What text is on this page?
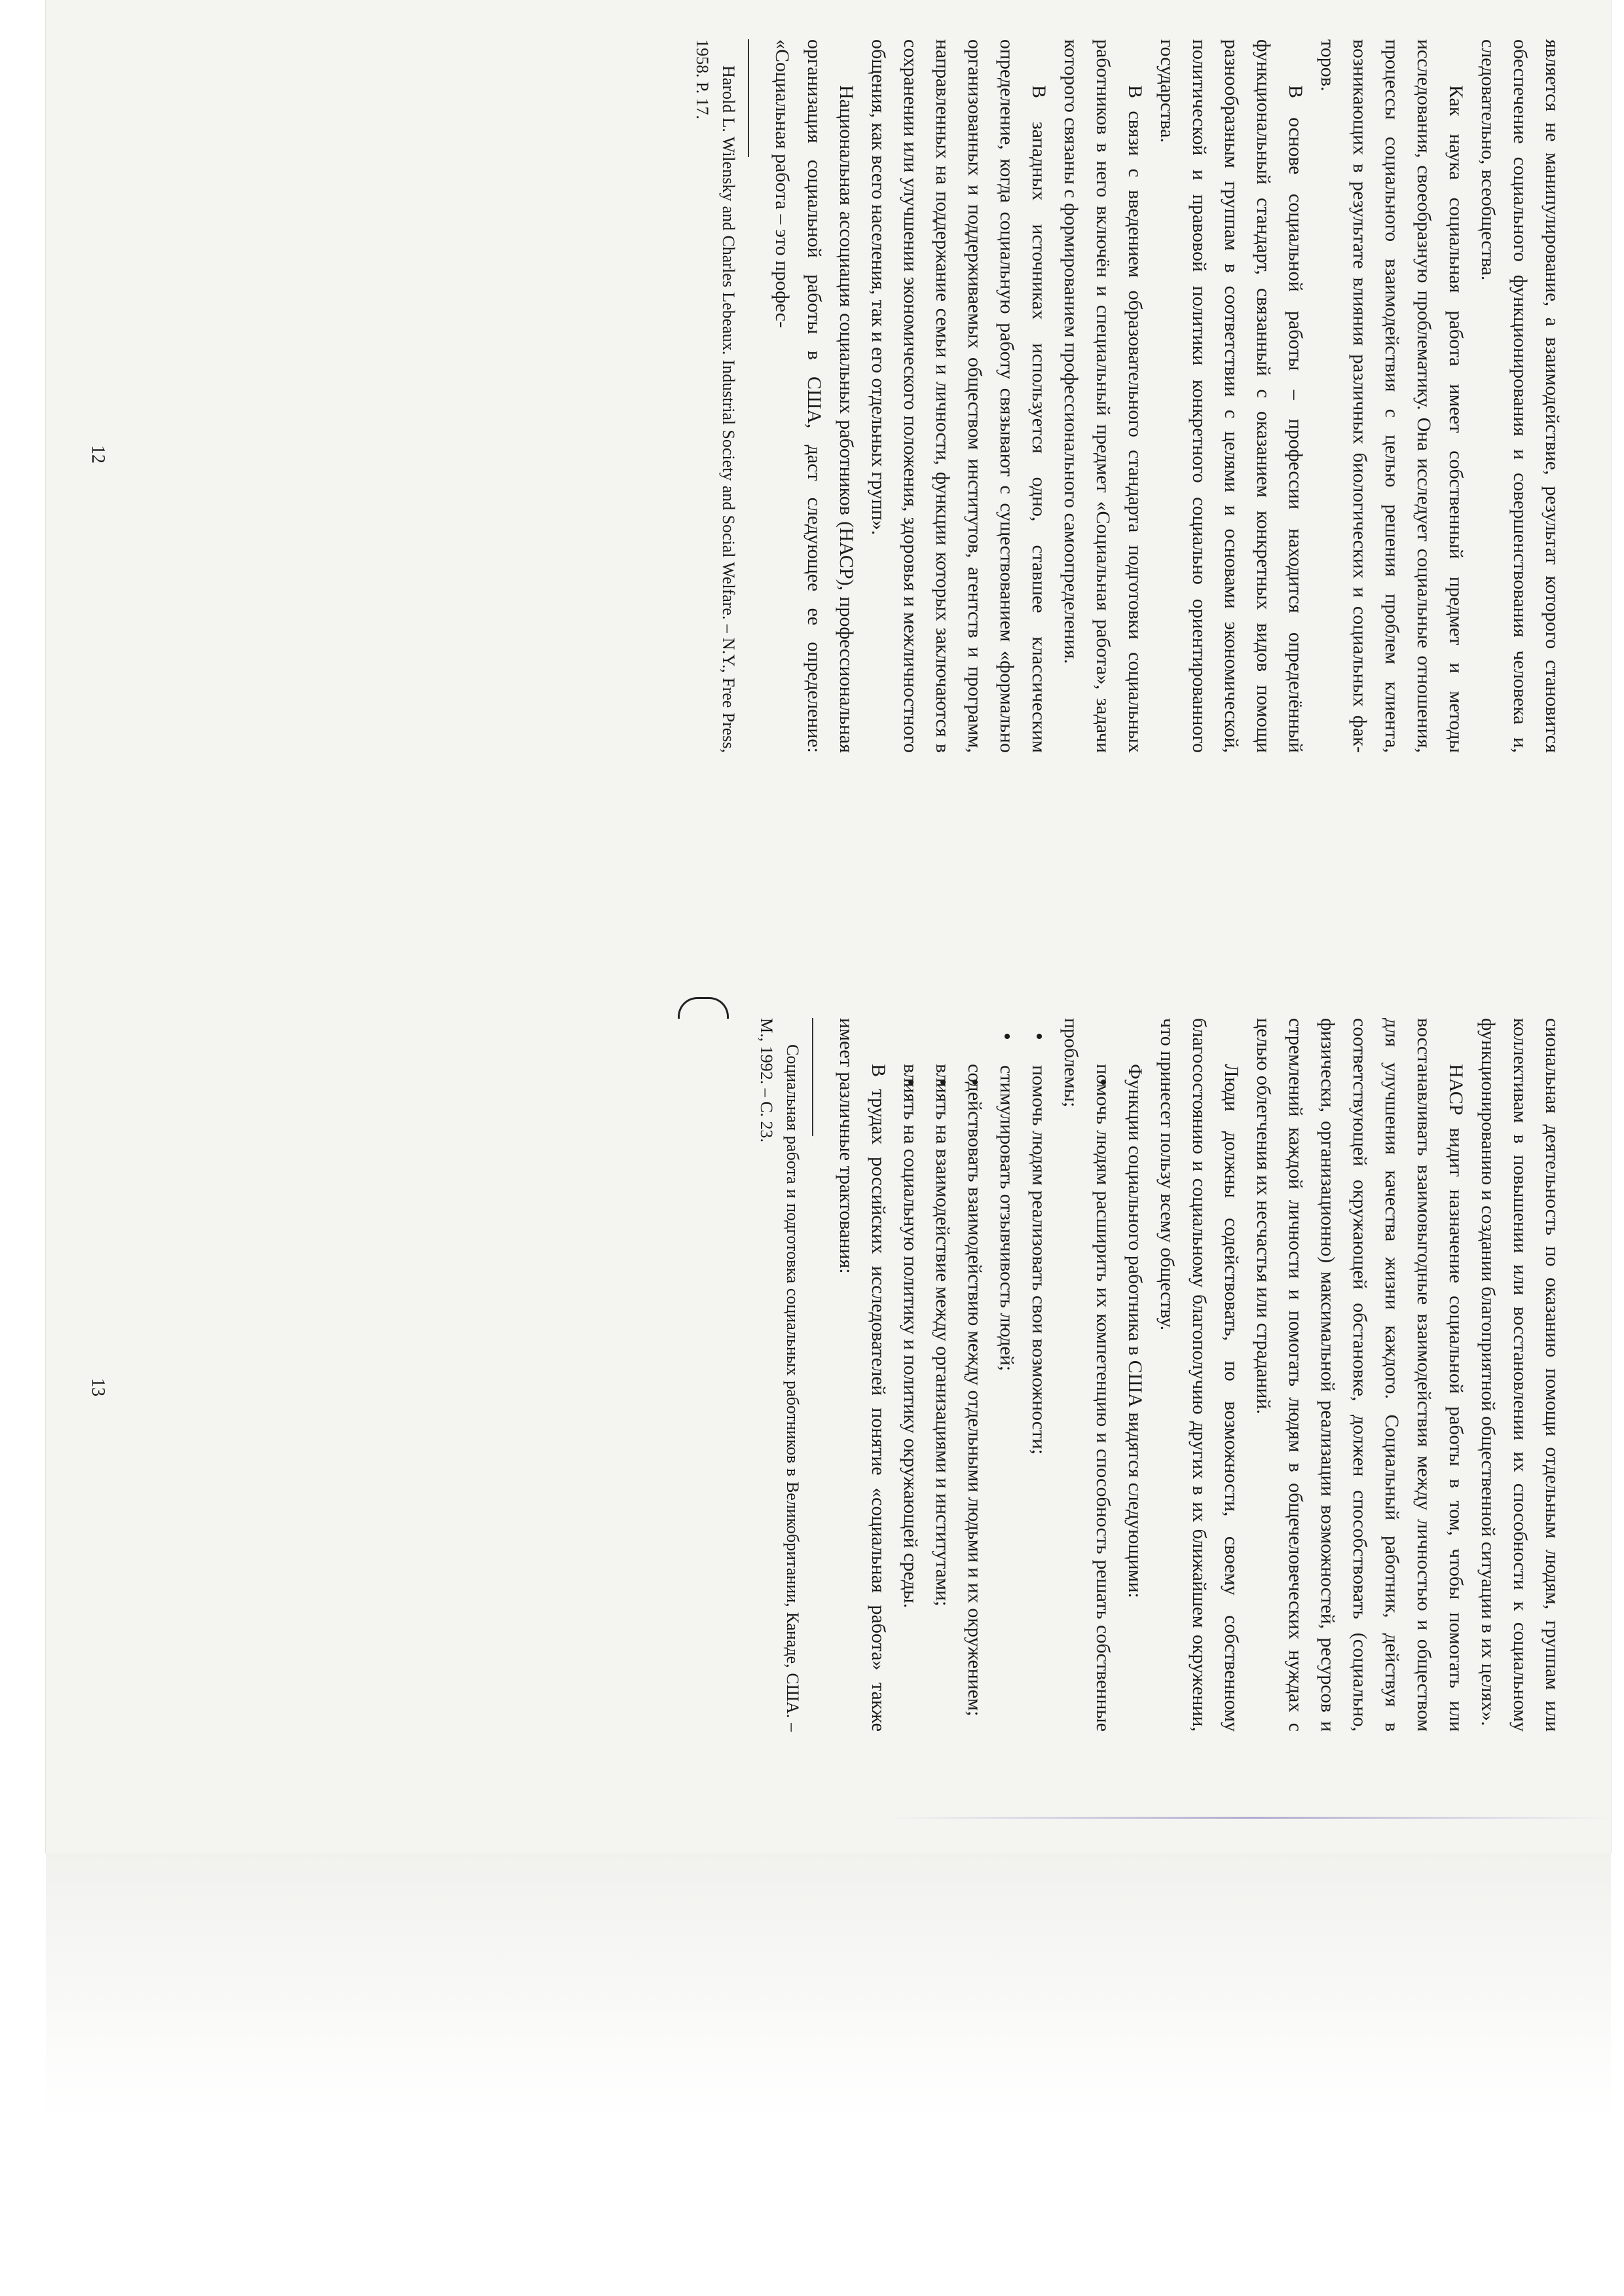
является не манипулирование, а взаимодействие, результат которого становится обеспечение социального функционирования и совершенствования человека и, следовательно, всеобщества.

Как наука социальная работа имеет собственный предмет и методы исследования, своеобразную проблематику. Она исследует социальные отношения, процессы социального взаимодействия с целью решения проблем клиента, возникающих в результате влияния различных биологических и социальных факторов.

В основе социальной работы – профессии находится определённый функциональный стандарт, связанный с оказанием конкретных видов помощи разнообразным группам в соответствии с целями и основами экономической, политической и правовой политики конкретного социально ориентированного государства.

В связи с введением образовательного стандарта подготовки социальных работников в него включён и специальный предмет «Социальная работа», задачи которого связаны с формированием профессионального самоопределения.

В западных источниках используется одно, ставшее классическим определение, когда социальную работу связывают с существованием «формально организованных и поддерживаемых обществом институтов, агентств и программ, направленных на поддержание семьи и личности, функции которых заключаются в сохранении или улучшении экономического положения, здоровья и межличностного общения, как всего населения, так и его отдельных групп».

Национальная ассоциация социальных работников (НАСР), профессиональная организация социальной работы в США, даст следующее ее определение: «Социальная работа – это профес-

Harold L. Wilensky and Charles Lebeaux. Industrial Society and Social Welfare. – N.Y., Free Press, 1958. P. 17.

12

сиональная деятельность по оказанию помощи отдельным людям, группам или коллективам в повышении или восстановлении их способности к социальному функционированию и создании благоприятной общественной ситуации в их целях».

НАСР видит назначение социальной работы в том, чтобы помогать или восстанавливать взаимовыгодные взаимодействия между личностью и обществом для улучшения качества жизни каждого. Социальный работник, действуя в соответствующей окружающей обстановке, должен способствовать (социально, физически, организационно) максимальной реализации возможностей, ресурсов и стремлений каждой личности и помогать людям в общечеловеческих нуждах с целью облегчения их несчастья или страданий.

Люди должны содействовать, по возможности, своему собственному благосостоянию и социальному благополучию других в их ближайшем окружении, что принесет пользу всему обществу.

Функции социального работника в США видятся следующими:

• помочь людям расширить их компетенцию и способность решать собственные проблемы;
• помочь людям реализовать свои возможности;
• стимулировать отзывчивость людей;
• содействовать взаимодействию между отдельными людьми и их окружением;
• влиять на взаимодействие между организациями и институтами;
• влиять на социальную политику и политику окружающей среды.

В трудах российских исследователей понятие «социальная работа» также имеет различные трактования:

Социальная работа и подготовка социальных работников в Великобритании, Канаде, США. – М., 1992. – С. 23.

13
